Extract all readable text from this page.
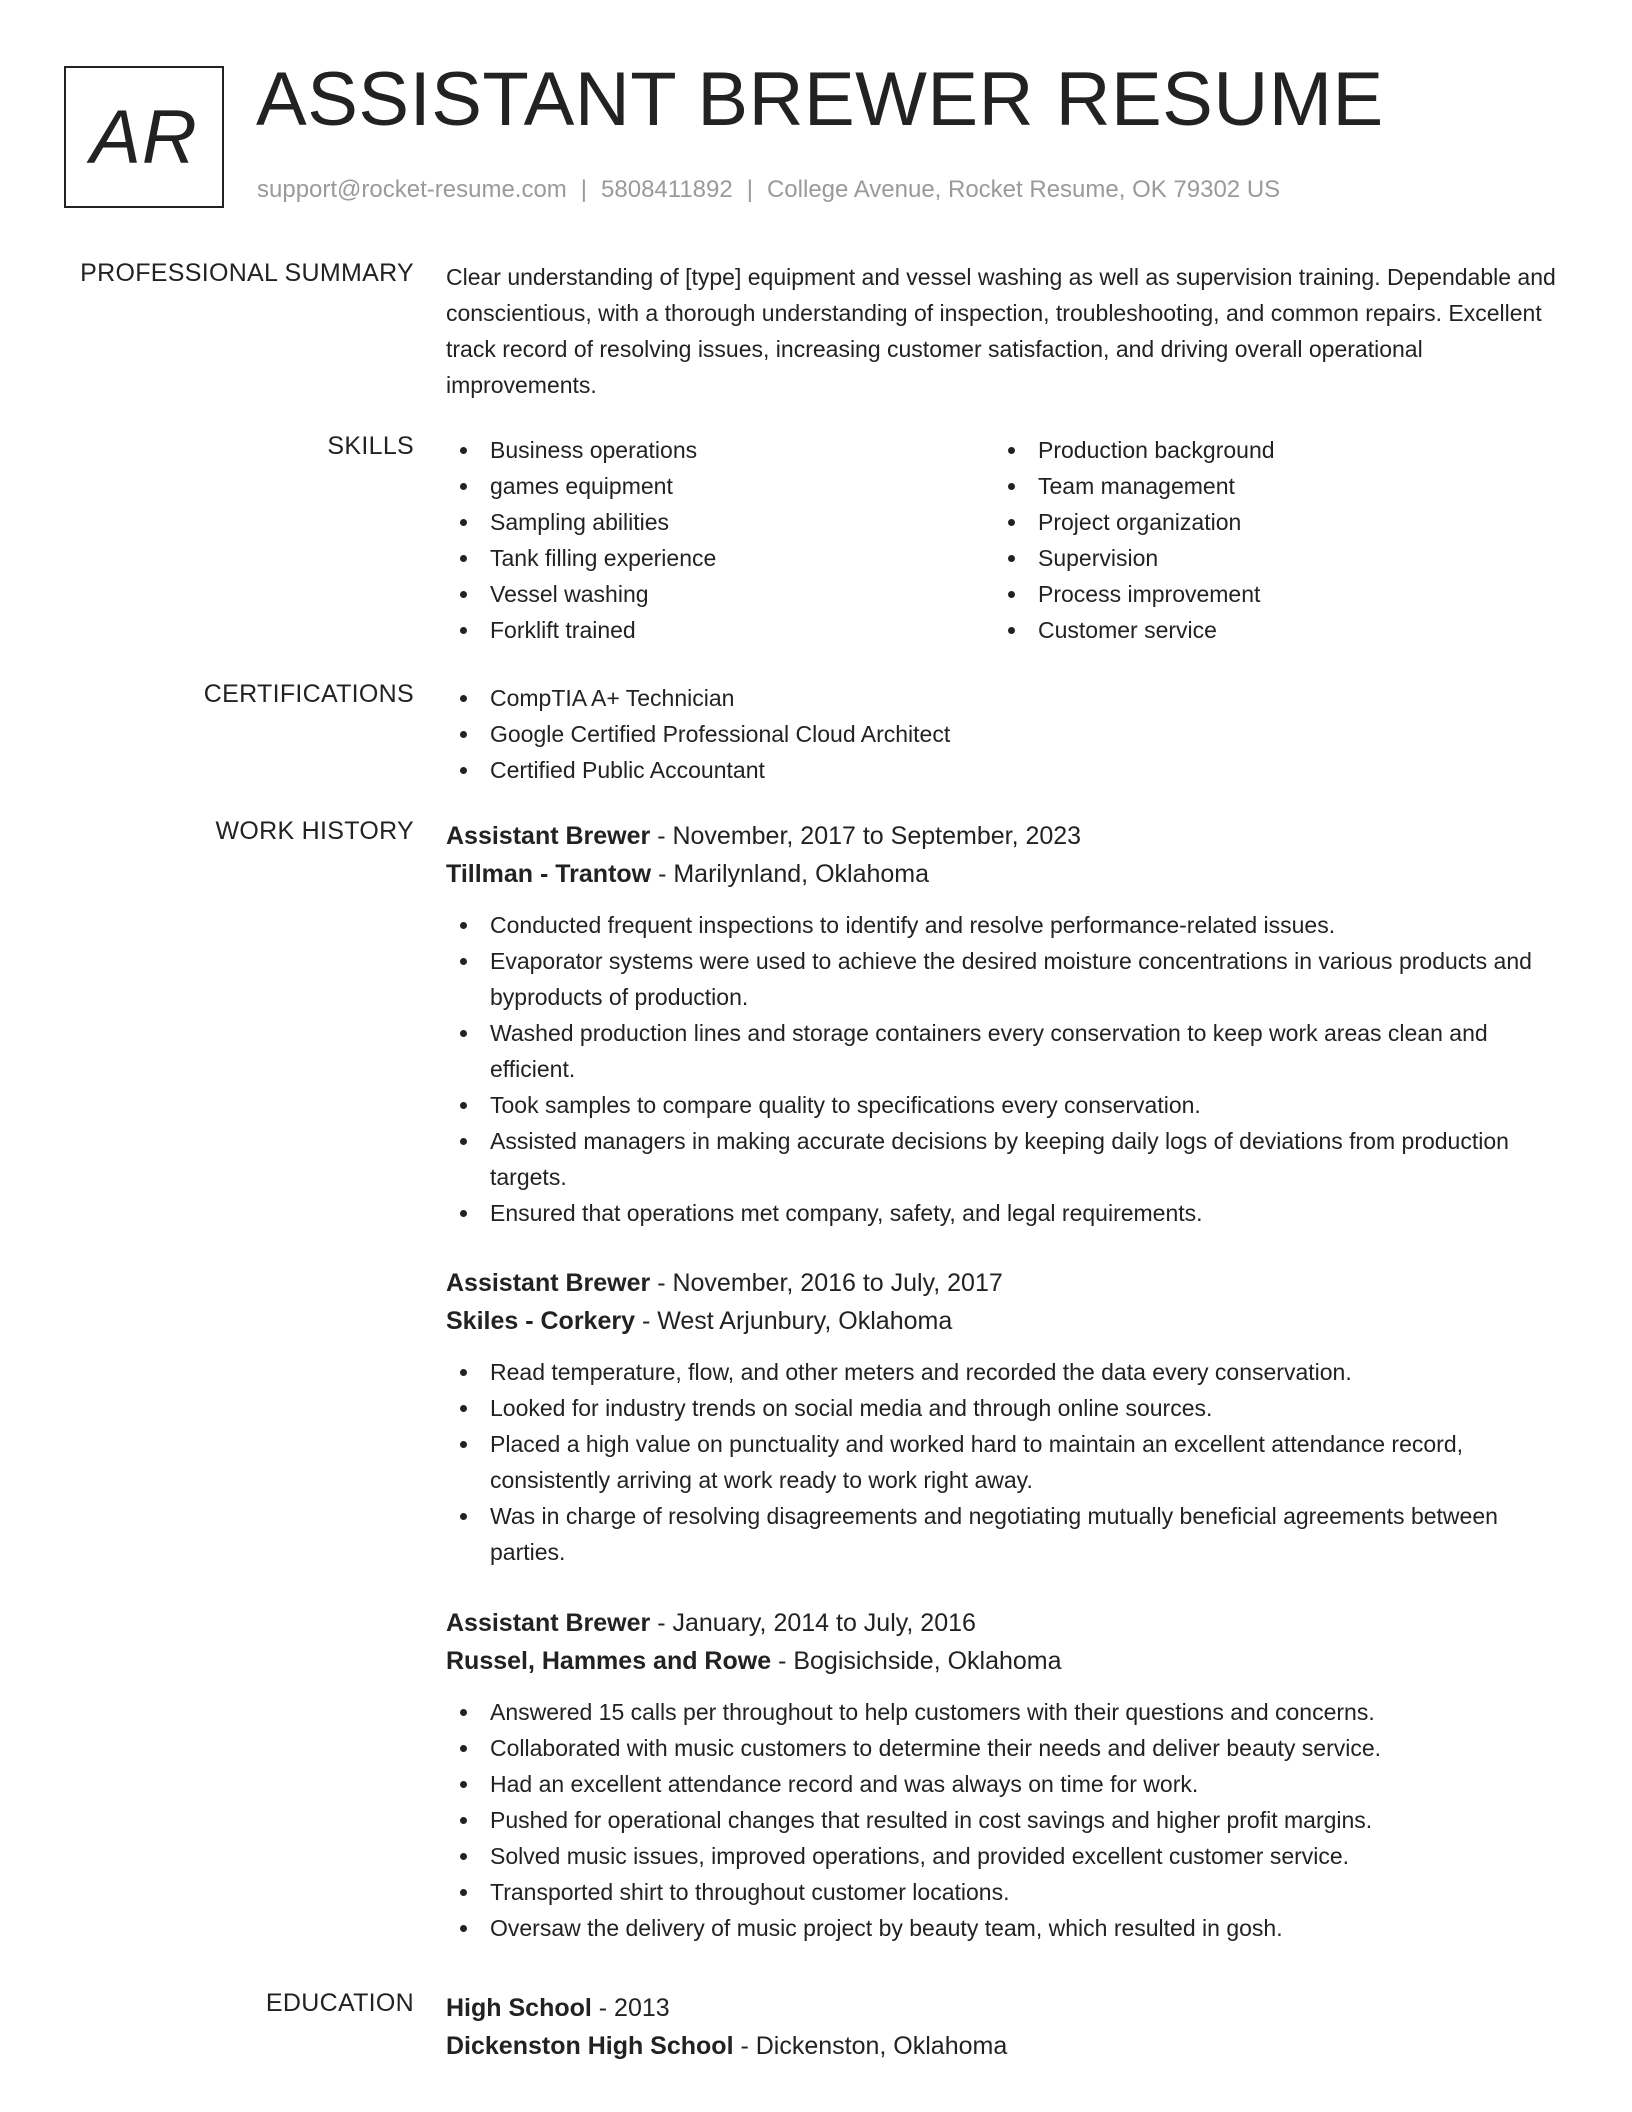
AR ASSISTANT BREWER RESUME
support@rocket-resume.com | 5808411892 | College Avenue, Rocket Resume, OK 79302 US
PROFESSIONAL SUMMARY Clear understanding of [type] equipment and vessel washing as well as supervision training. Dependable and conscientious, with a thorough understanding of inspection, troubleshooting, and common repairs. Excellent track record of resolving issues, increasing customer satisfaction, and driving overall operational improvements.
SKILLS	Business operations
games equipment
Sampling abilities
Tank filling experience
Vessel washing
Forklift trained
Production background
Team management
Project organization
Supervision
Process improvement
Customer service
CERTIFICATIONS	CompTIA A+ Technician
Google Certified Professional Cloud Architect
Certified Public Accountant
WORK HISTORY Assistant Brewer - November, 2017 to September, 2023
Tillman - Trantow - Marilynland, Oklahoma
Conducted frequent inspections to identify and resolve performance-related issues.
Evaporator systems were used to achieve the desired moisture concentrations in various products and byproducts of production.
Washed production lines and storage containers every conservation to keep work areas clean and efficient.
Took samples to compare quality to specifications every conservation.
Assisted managers in making accurate decisions by keeping daily logs of deviations from production targets.
Ensured that operations met company, safety, and legal requirements.
Assistant Brewer - November, 2016 to July, 2017
Skiles - Corkery - West Arjunbury, Oklahoma
Read temperature, flow, and other meters and recorded the data every conservation.
Looked for industry trends on social media and through online sources.
Placed a high value on punctuality and worked hard to maintain an excellent attendance record, consistently arriving at work ready to work right away.
Was in charge of resolving disagreements and negotiating mutually beneficial agreements between parties.
Assistant Brewer - January, 2014 to July, 2016
Russel, Hammes and Rowe - Bogisichside, Oklahoma
Answered 15 calls per throughout to help customers with their questions and concerns.
Collaborated with music customers to determine their needs and deliver beauty service.
Had an excellent attendance record and was always on time for work.
Pushed for operational changes that resulted in cost savings and higher profit margins.
Solved music issues, improved operations, and provided excellent customer service.
Transported shirt to throughout customer locations.
Oversaw the delivery of music project by beauty team, which resulted in gosh.
EDUCATION High School - 2013
Dickenston High School - Dickenston, Oklahoma
